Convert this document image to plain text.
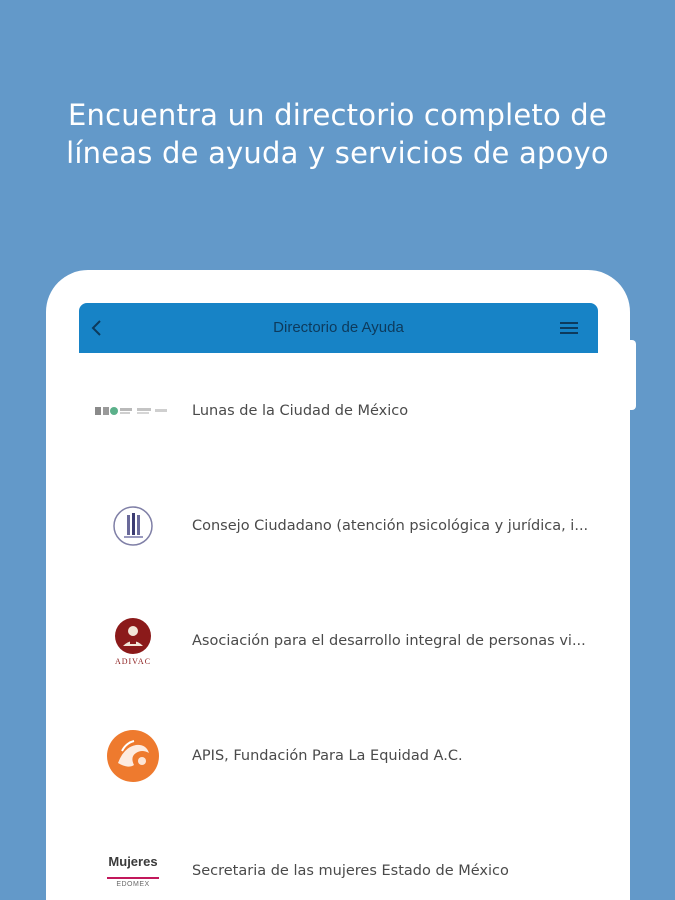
Encuentra un directorio completo de
líneas de ayuda y servicios de apoyo
Directorio de Ayuda
Lunas de la Ciudad de México
Consejo Ciudadano (atención psicológica y jurídica, i...
ADIVAC
Asociación para el desarrollo integral de personas vi...
APIS, Fundación Para La Equidad A.C.
Mujeres
EDOMEX
Secretaria de las mujeres Estado de México
